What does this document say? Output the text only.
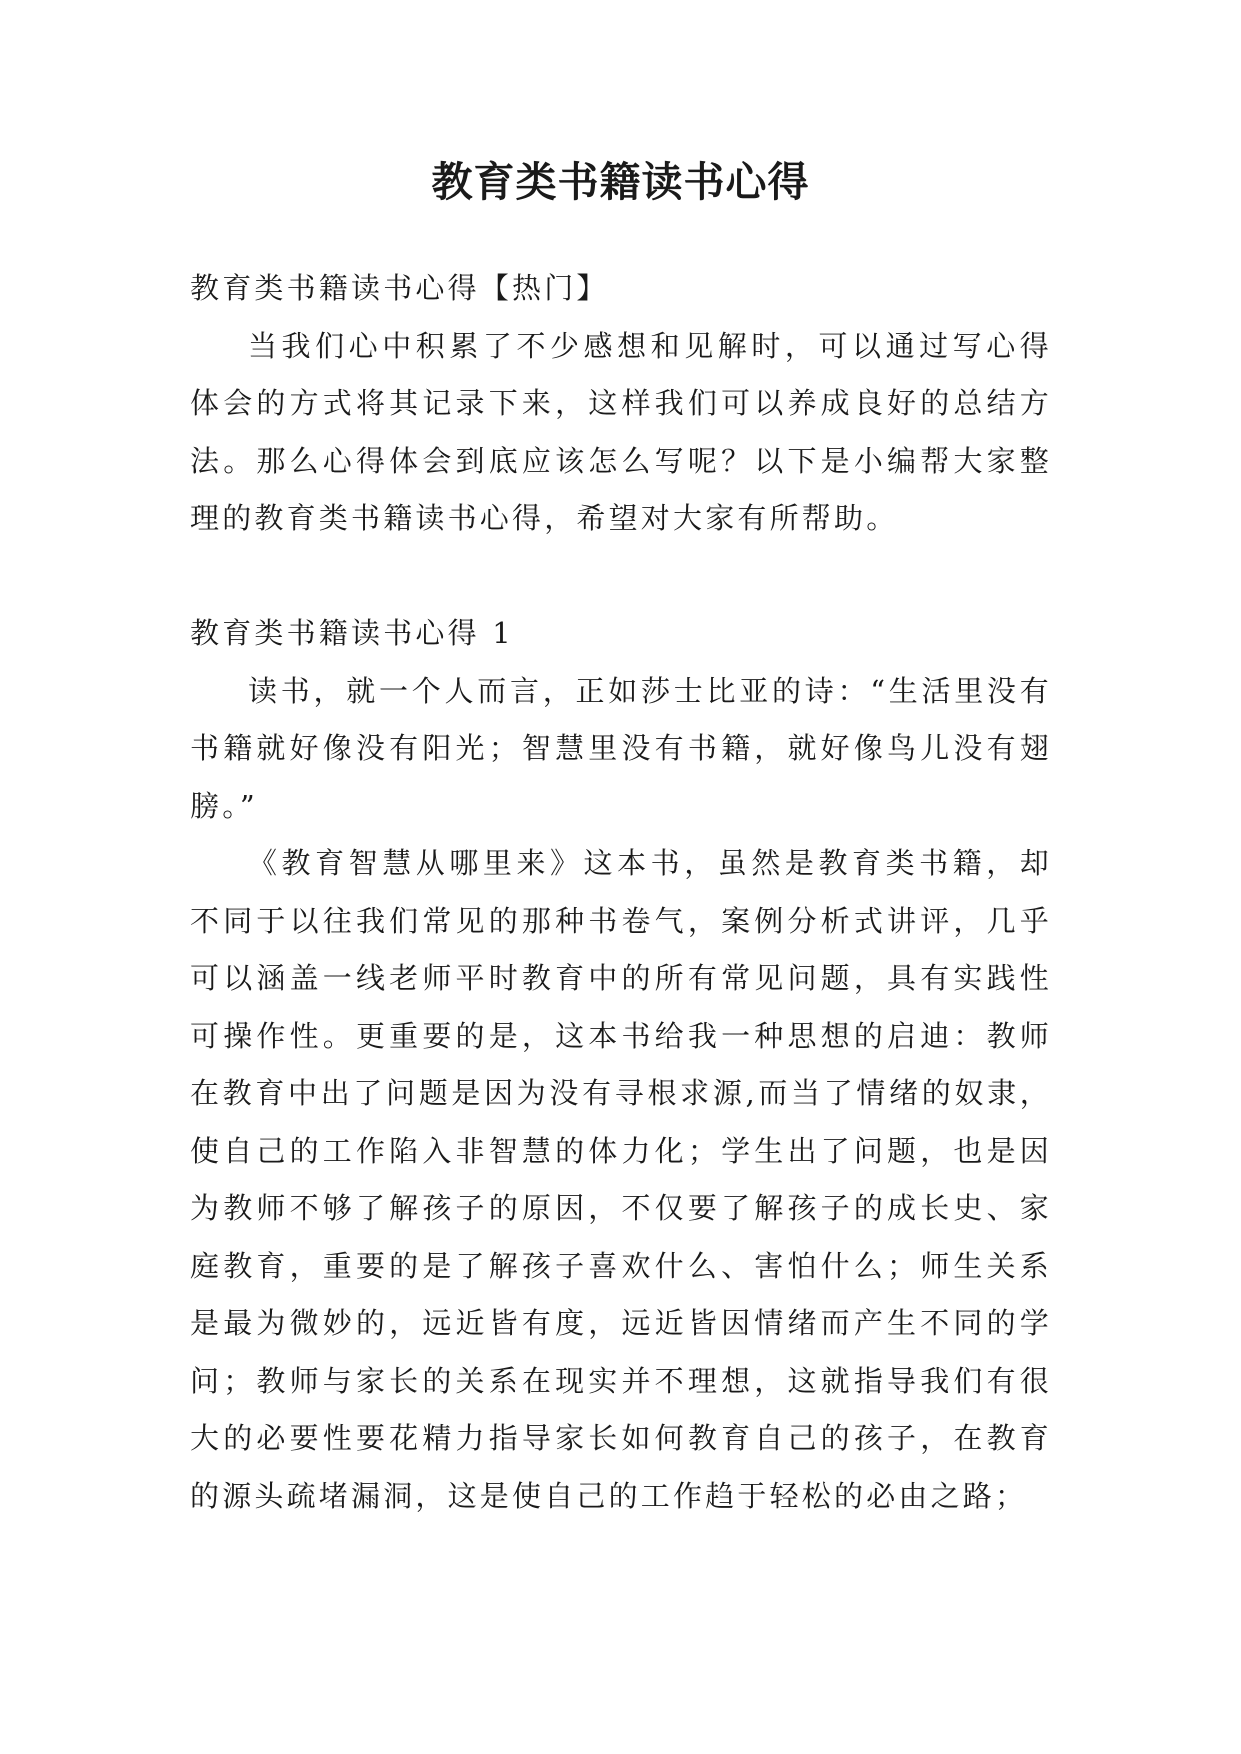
教育类书籍读书心得

教育类书籍读书心得【热门】

当我们心中积累了不少感想和见解时，可以通过写心得体会的方式将其记录下来，这样我们可以养成良好的总结方法。那么心得体会到底应该怎么写呢？以下是小编帮大家整理的教育类书籍读书心得，希望对大家有所帮助。

教育类书籍读书心得 1

读书，就一个人而言，正如莎士比亚的诗：“生活里没有书籍就好像没有阳光；智慧里没有书籍，就好像鸟儿没有翅膀。”

《教育智慧从哪里来》这本书，虽然是教育类书籍，却不同于以往我们常见的那种书卷气，案例分析式讲评，几乎可以涵盖一线老师平时教育中的所有常见问题，具有实践性可操作性。更重要的是，这本书给我一种思想的启迪：教师在教育中出了问题是因为没有寻根求源,而当了情绪的奴隶，使自己的工作陷入非智慧的体力化；学生出了问题，也是因为教师不够了解孩子的原因，不仅要了解孩子的成长史、家庭教育，重要的是了解孩子喜欢什么、害怕什么；师生关系是最为微妙的，远近皆有度，远近皆因情绪而产生不同的学问；教师与家长的关系在现实并不理想，这就指导我们有很大的必要性要花精力指导家长如何教育自己的孩子，在教育的源头疏堵漏洞，这是使自己的工作趋于轻松的必由之路；
